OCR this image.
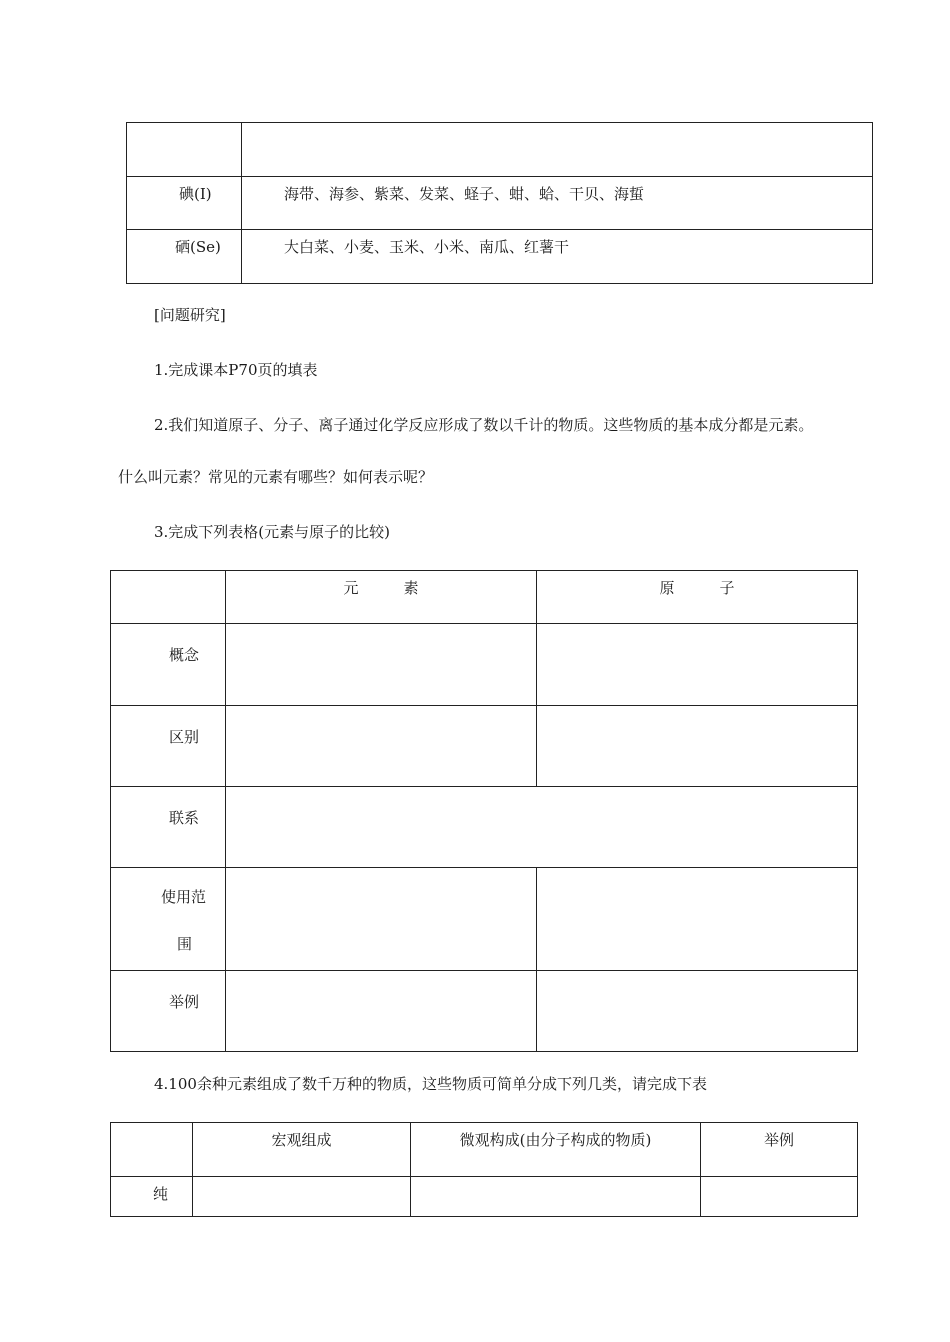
碘(I)	海带、海参、紫菜、发菜、蛏子、蚶、蛤、干贝、海蜇
硒(Se)	大白菜、小麦、玉米、小米、南瓜、红薯干
[问题研究]
1.完成课本P70页的填表
2.我们知道原子、分子、离子通过化学反应形成了数以千计的物质。这些物质的基本成分都是元素。
什么叫元素？常见的元素有哪些？如何表示呢？
3.完成下列表格(元素与原子的比较)
	元　　　素	原　　　子
概念		
区别		
联系		

使用范
围		

举例		
4.100余种元素组成了数千万种的物质，这些物质可简单分成下列几类，请完成下表
	宏观组成	微观构成(由分子构成的物质)	举例
纯			
